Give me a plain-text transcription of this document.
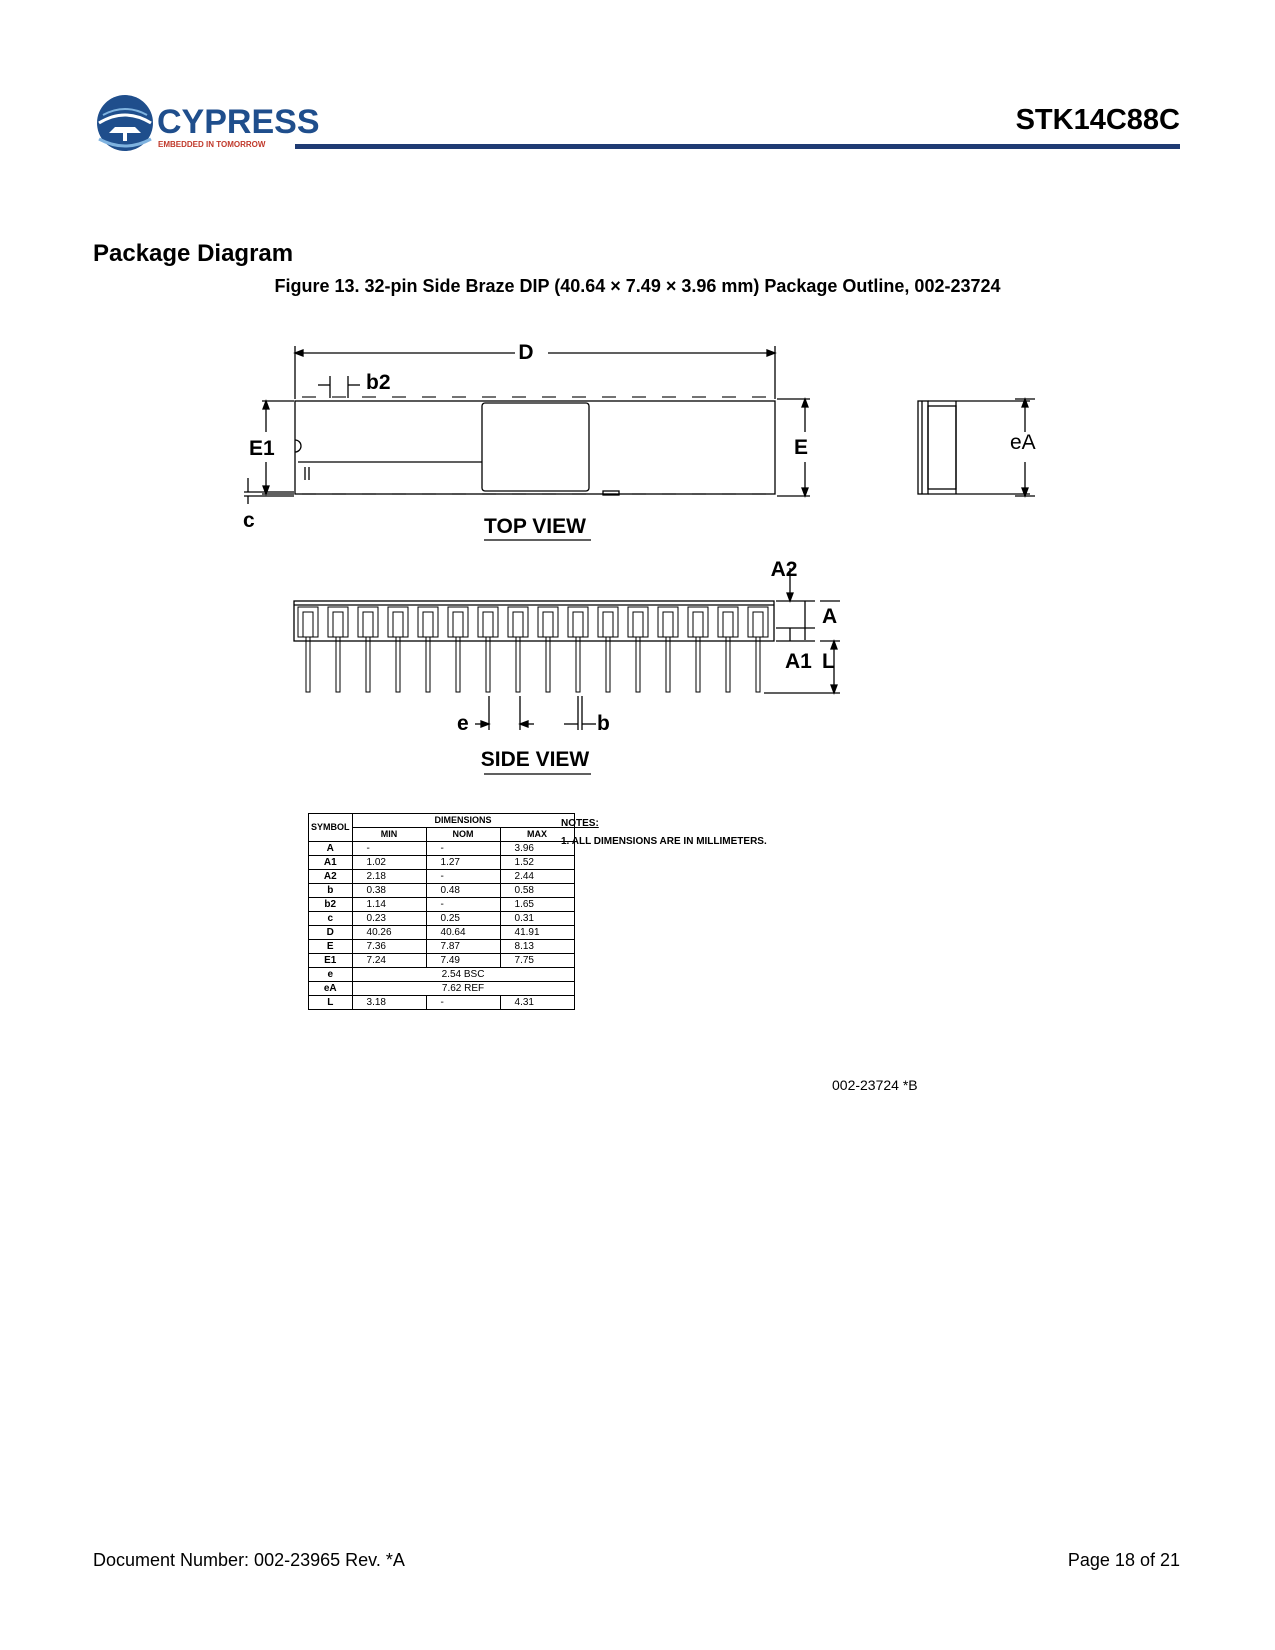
CYPRESS
EMBEDDED IN TOMORROW
STK14C88C
Package Diagram
Figure 13. 32-pin Side Braze DIP (40.64 × 7.49 × 3.96 mm) Package Outline, 002-23724
D
b2
E1	E
c	TOP VIEW
A2
A
A1 L
e	b
SIDE VIEW
eA
SYMBOL	DIMENSIONS		
	MIN	NOM	MAX
A	-	-	3.96
A1	1.02	1.27	1.52
A2	2.18	-	2.44
b	0.38	0.48	0.58
b2	1.14	-	1.65
c	0.23	0.25	0.31
D	40.26	40.64	41.91
E	7.36	7.87	8.13
E1	7.24	7.49	7.75
e	2.54 BSC		
eA	7.62 REF		
L	3.18	-	4.31
NOTES:
1. ALL DIMENSIONS ARE IN MILLIMETERS.
002-23724 *B
Document Number: 002-23965 Rev. *A	Page 18 of 21
